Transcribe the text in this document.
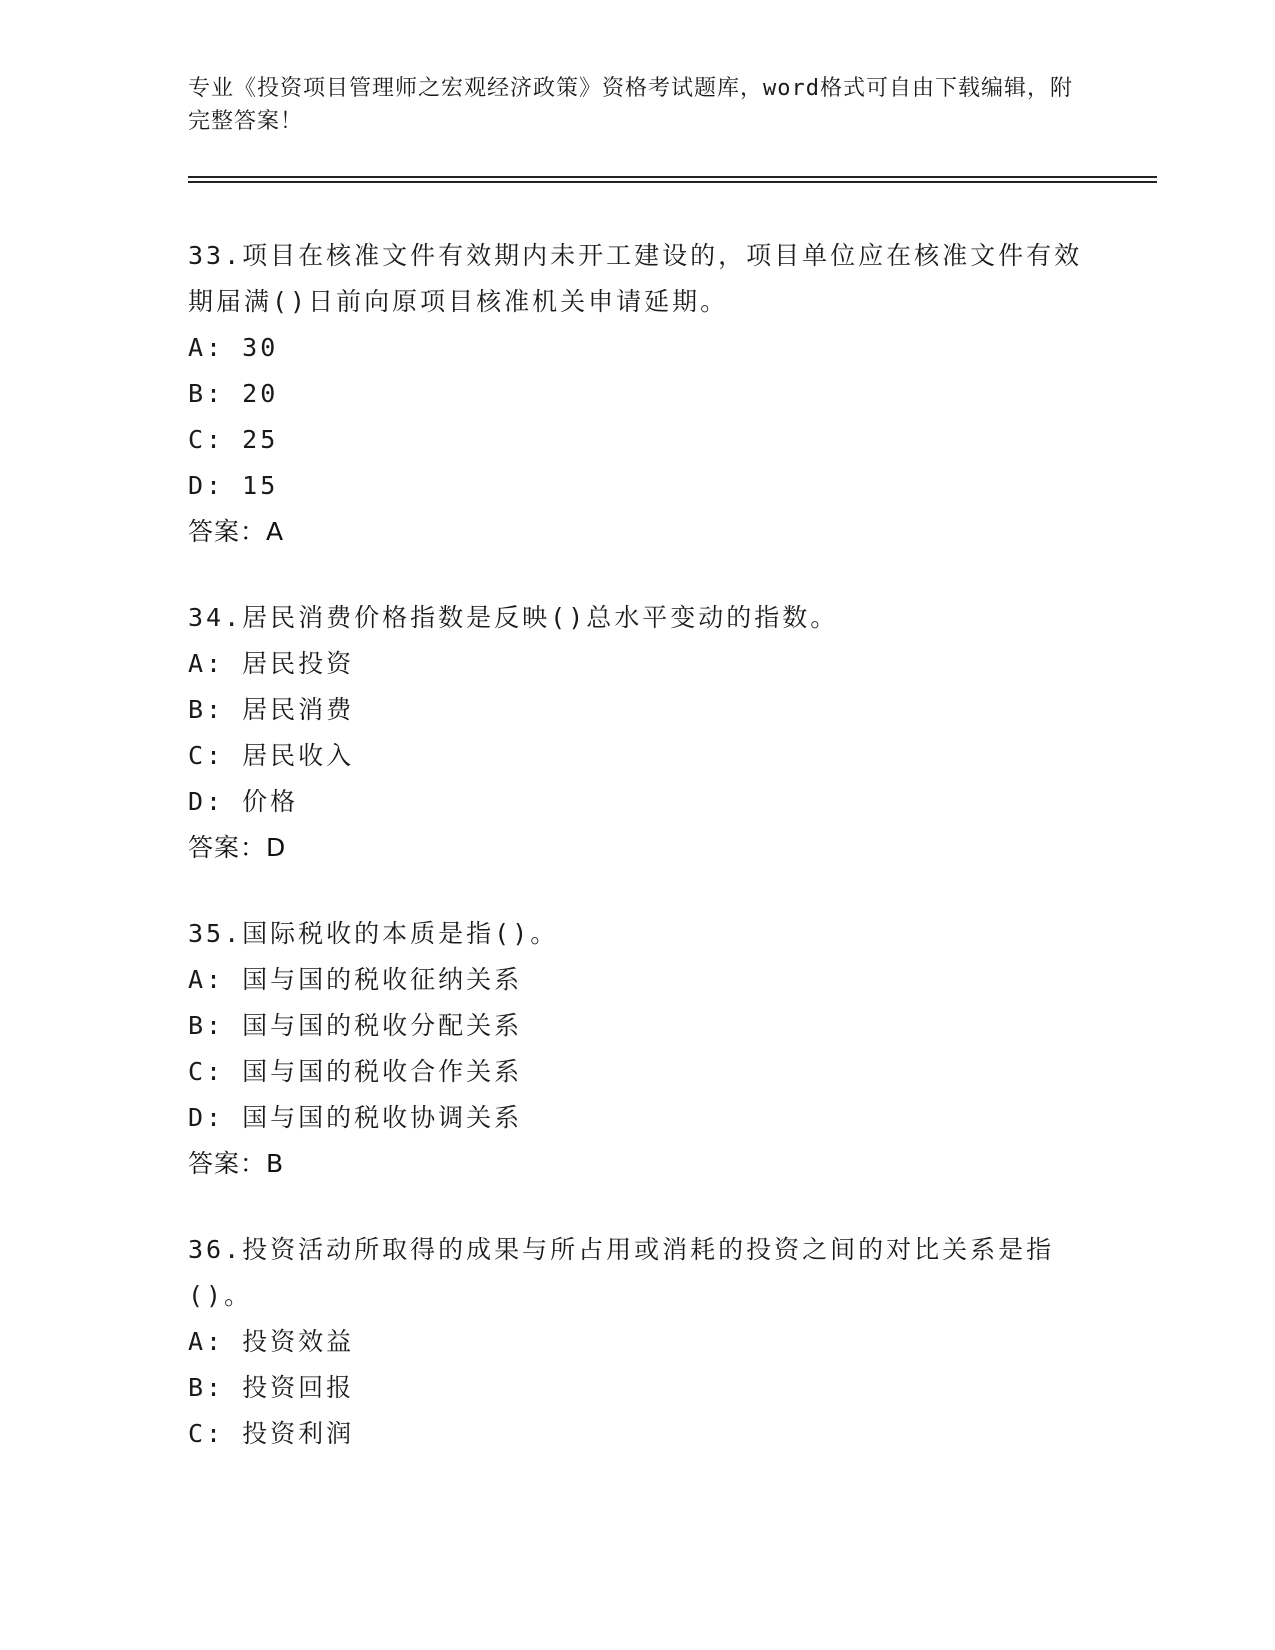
专业《投资项目管理师之宏观经济政策》资格考试题库，word格式可自由下载编辑，附完整答案！

33.项目在核准文件有效期内未开工建设的，项目单位应在核准文件有效期届满()日前向原项目核准机关申请延期。

A: 30

B: 20

C: 25

D: 15

答案：A

34.居民消费价格指数是反映()总水平变动的指数。

A: 居民投资

B: 居民消费

C: 居民收入

D: 价格

答案：D

35.国际税收的本质是指()。

A: 国与国的税收征纳关系

B: 国与国的税收分配关系

C: 国与国的税收合作关系

D: 国与国的税收协调关系

答案：B

36.投资活动所取得的成果与所占用或消耗的投资之间的对比关系是指()。

A: 投资效益

B: 投资回报

C: 投资利润
